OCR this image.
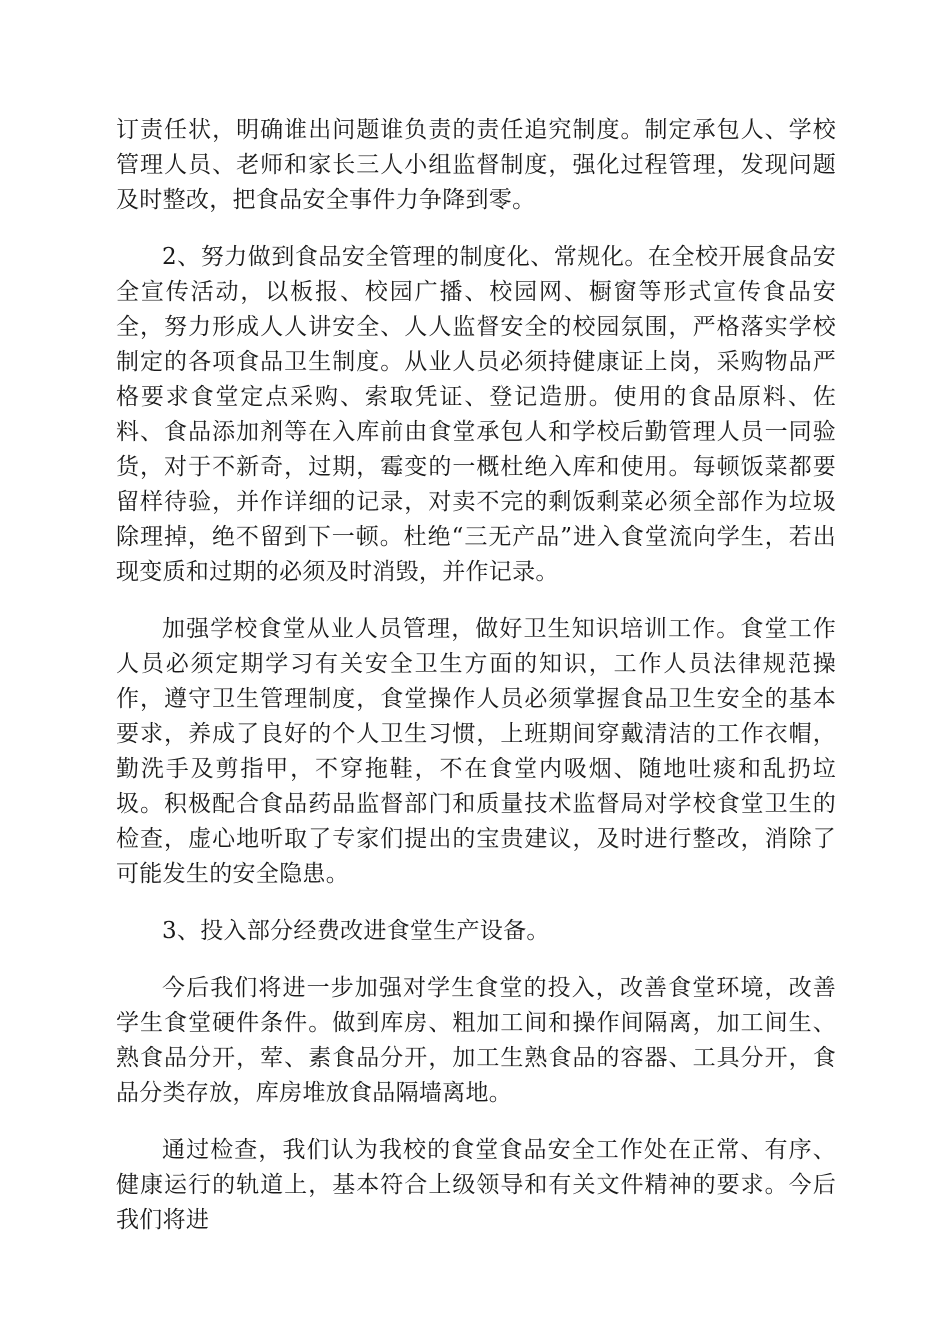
订责任状，明确谁出问题谁负责的责任追究制度。制定承包人、学校管理人员、老师和家长三人小组监督制度，强化过程管理，发现问题及时整改，把食品安全事件力争降到零。

2、努力做到食品安全管理的制度化、常规化。在全校开展食品安全宣传活动，以板报、校园广播、校园网、橱窗等形式宣传食品安全，努力形成人人讲安全、人人监督安全的校园氛围，严格落实学校制定的各项食品卫生制度。从业人员必须持健康证上岗，采购物品严格要求食堂定点采购、索取凭证、登记造册。使用的食品原料、佐料、食品添加剂等在入库前由食堂承包人和学校后勤管理人员一同验货，对于不新奇，过期，霉变的一概杜绝入库和使用。每顿饭菜都要留样待验，并作详细的记录，对卖不完的剩饭剩菜必须全部作为垃圾除理掉，绝不留到下一顿。杜绝“三无产品”进入食堂流向学生，若出现变质和过期的必须及时消毁，并作记录。

加强学校食堂从业人员管理，做好卫生知识培训工作。食堂工作人员必须定期学习有关安全卫生方面的知识，工作人员法律规范操作，遵守卫生管理制度，食堂操作人员必须掌握食品卫生安全的基本要求，养成了良好的个人卫生习惯，上班期间穿戴清洁的工作衣帽，勤洗手及剪指甲，不穿拖鞋，不在食堂内吸烟、随地吐痰和乱扔垃圾。积极配合食品药品监督部门和质量技术监督局对学校食堂卫生的检查，虚心地听取了专家们提出的宝贵建议，及时进行整改，消除了可能发生的安全隐患。

3、投入部分经费改进食堂生产设备。

今后我们将进一步加强对学生食堂的投入，改善食堂环境，改善学生食堂硬件条件。做到库房、粗加工间和操作间隔离，加工间生、熟食品分开，荤、素食品分开，加工生熟食品的容器、工具分开，食品分类存放，库房堆放食品隔墙离地。

通过检查，我们认为我校的食堂食品安全工作处在正常、有序、健康运行的轨道上，基本符合上级领导和有关文件精神的要求。今后我们将进
